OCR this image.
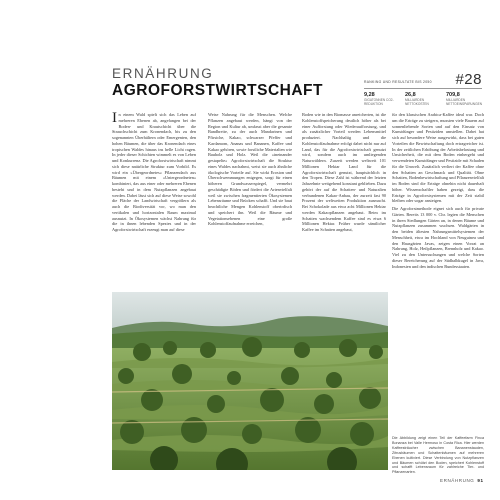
ERNÄHRUNG
AGROFORSTWIRTSCHAFT	RANKING UND RESULTATE BIS 2050	#28
9,28
GIGATONNEN CO2-REDUKTION
26,8
MILLIARDEN NETTOKOSTEN
709,8
MILLIARDEN NETTOEINSPARUNGEN

In einem Wald spielt sich das Leben auf mehreren Ebenen ab, angefangen bei der Boden- und Krautschicht über die Strauchschicht zum Kronendach, bis zu den sogenannten Überhältern oder Emergenten, den hohen Bäumen, die über das Kronendach eines tropischen Waldes hinaus ins helle Licht ragen. In jeder dieser Schichten wimmelt es von Leben und Konkurrenz. Die Agroforstwirtschaft nimmt sich diese natürliche Struktur zum Vorbild. Es wird ein »Übergeordnetes« Pflanzendach aus Bäumen mit einem »Untergeordneten« kombiniert, das aus einer oder mehreren Ebenen besteht und in dem Nutzpflanzen angebaut werden. Dabei lässt sich auf diese Weise sowohl die Fläche der Landwirtschaft vergrößern als auch die Biodiversität vor, wo man den vertikalen und horizontalen Raum maximal ausnutzt. In Ökosystemen wächst Nahrung für die in ihnen lebenden Spezies und in der Agroforstwirtschaft erzeugt man auf diese

Weise Nahrung für die Menschen. Welche Pflanzen angebaut werden, hängt von der Region und Kultur ab, umfasst aber die gesamte Bandbreite, zu der auch Mandarinen und Pfirsiche, Kakao, schwarzer Pfeffer und Kardamom, Ananas und Bananen, Kaffee und Kakao gehören, sowie forstliche Materialien wie Bauholz und Holz. Weil die »ineinander gestapelte« Agroforstwirtschaft die Struktur eines Waldes nachahmt, weist sie auch ähnliche ökologische Vorteile auf. Sie wirkt Erosion und Überschwemmungen entgegen, sorgt für einen höheren Grundwasserspiegel, vermehrt geschädigte Böden und fördert die Artenvielfalt weil sie zwischen fragmentierten Ökosystemen Lebensräume und Brücken schafft. Und sie baut beachtliche Mengen Kohlenstoff oberirdisch und speichert ihn. Weil die Bäume und Vegetationsebenen eine große Kohlenstoffaufnahme erreichen,

Boden wie in den Biomasse anreicherten, ist die Kohlenstoffspeicherung deutlich höher als bei einer Aufforstung oder Wiederaufforstung, und als zusätzlicher Vorteil werden Lebensmittel produziert. Nachhaltig und die Kohlenstoffaufnahme erfolgt dabei nicht nur auf Land, das für die Agroforstwirtschaft genutzt wird, sondern auch im umliegenden Naturwäldern. Zurzeit werden weltweit 101 Millionen Hektar Land für die Agroforstwirtschaft genutzt, hauptsächlich in den Tropen. Diese Zahl ist während der letzten Jahrzehnte weitgehend konstant geblieben. Dazu gehört der auf die Schatten- und Naturalien verbundenen Kakao-Anbau, der zurzeit fast 90 Prozent der weltweiten Produktion ausmacht. Bei Schokolade aus etwa acht Millionen Hektar werden Kakaopflanzen angebaut. Beim im Schatten wachsendem Kaffee sind es etwa 6 Millionen Hektar. Früher wurde sämtlicher Kaffee im Schatten angebaut,

für den klassischen Arabica-Kaffee ideal war. Doch um die Erträge zu steigern, mussten viele Bauern auf sonnenliebende Sorten und auf den Einsatz von Kunstdünger und Pestiziden umstellen. Dabei hat sich auf besondere Weise ausgewirkt, dass bei guten Vorteilen die Bewirtschaftung doch ertragreicher ist. In der zeitlichen Erhöhung der Arbeitsbelastung und Unsicherheit, die mit dem Boden einhergeht und verwendeten Kunstdünger und Pestizide mit Schaden für die Umwelt. Zusätzlich verliert der Kaffee ohne den Schatten an Geschmack und Qualität. Ohne Schatten, Bodenbewirtschaftung und Pflanzenvielfalt im Boden sind die Erträge ohnehin nicht dauerhaft höher. Wissenschaftler haben gezeigt, dass die Erträge in Agroforstsystemen mit der Zeit stabil bleiben oder sogar ansteigen.

Die Agroforstmethode eignet sich auch für private Gärten. Bereits 13 000 v. Chr. legten die Menschen in ihren Siedlungen Gärten an, in denen Bäume und Nutzpflanzen zusammen wuchsen. Waldgärten in den beiden ältesten Nahrungsmittelsystemen der Menschheit, etwa im Hochland von Neuguinea und den Hausgärten Javas, zeigen einen Vorrat an Nahrung, Holz, Heilpflanzen, Brennholz und Kakao. Viel zu den Untersuchungen und welche Sorten dieser Bereicherung auf der Südhalbkugel in Java, Indonesien und den indischen Bundesstaaten.

Die Abbildung zeigt einen Teil der Kaffeefarm Finca Bonanza bei Valle Hermoso in Costa Rica. Hier werden Kaffeesträucher zwischen Bananenstauden, Zitrusbäumen und Schattenbäumen auf mehreren Ebenen kultiviert. Diese Verbindung von Nutzpflanzen und Bäumen schützt den Boden, speichert Kohlenstoff und schafft Lebensraum für zahlreiche Tier- und Pflanzenarten.
ERNÄHRUNG 91
